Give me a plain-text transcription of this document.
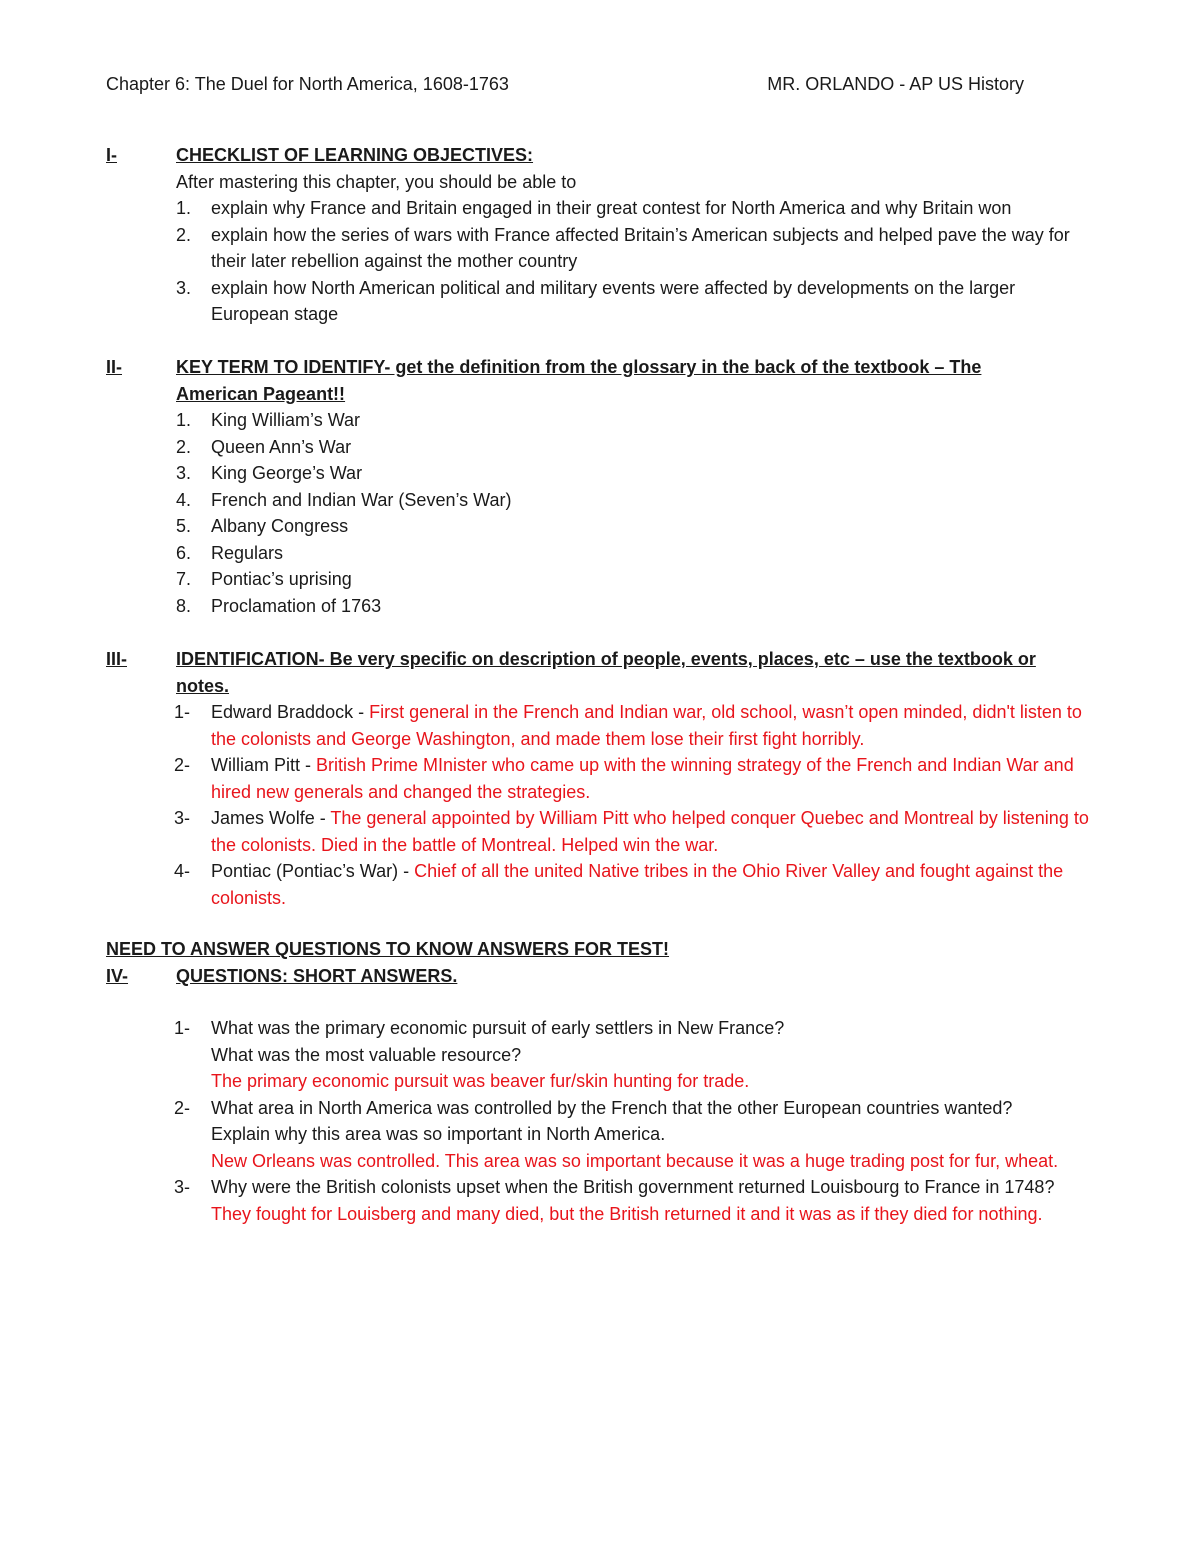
Chapter 6: The Duel for North America, 1608-1763	MR. ORLANDO - AP US History
I-	CHECKLIST OF LEARNING OBJECTIVES:
After mastering this chapter, you should be able to
1. explain why France and Britain engaged in their great contest for North America and why Britain won
2. explain how the series of wars with France affected Britain’s American subjects and helped pave the way for their later rebellion against the mother country
3. explain how North American political and military events were affected by developments on the larger European stage
II-	KEY TERM TO IDENTIFY- get the definition from the glossary in the back of the textbook – The American Pageant!!
1. King William’s War
2. Queen Ann’s War
3. King George’s War
4. French and Indian War (Seven’s War)
5. Albany Congress
6. Regulars
7. Pontiac’s uprising
8. Proclamation of 1763
III-	IDENTIFICATION- Be very specific on description of people, events, places, etc – use the textbook or notes.
1- Edward Braddock - First general in the French and Indian war, old school, wasn’t open minded, didn't listen to the colonists and George Washington, and made them lose their first fight horribly.
2- William Pitt - British Prime MInister who came up with the winning strategy of the French and Indian War and hired new generals and changed the strategies.
3- James Wolfe - The general appointed by William Pitt who helped conquer Quebec and Montreal by listening to the colonists. Died in the battle of Montreal. Helped win the war.
4- Pontiac (Pontiac’s War) - Chief of all the united Native tribes in the Ohio River Valley and fought against the colonists.
NEED TO ANSWER QUESTIONS TO KNOW ANSWERS FOR TEST!
IV-	QUESTIONS: SHORT ANSWERS.
1- What was the primary economic pursuit of early settlers in New France?
What was the most valuable resource?
The primary economic pursuit was beaver fur/skin hunting for trade.
2- What area in North America was controlled by the French that the other European countries wanted? Explain why this area was so important in North America.
New Orleans was controlled. This area was so important because it was a huge trading post for fur, wheat.
3- Why were the British colonists upset when the British government returned Louisbourg to France in 1748?
They fought for Louisberg and many died, but the British returned it and it was as if they died for nothing.
